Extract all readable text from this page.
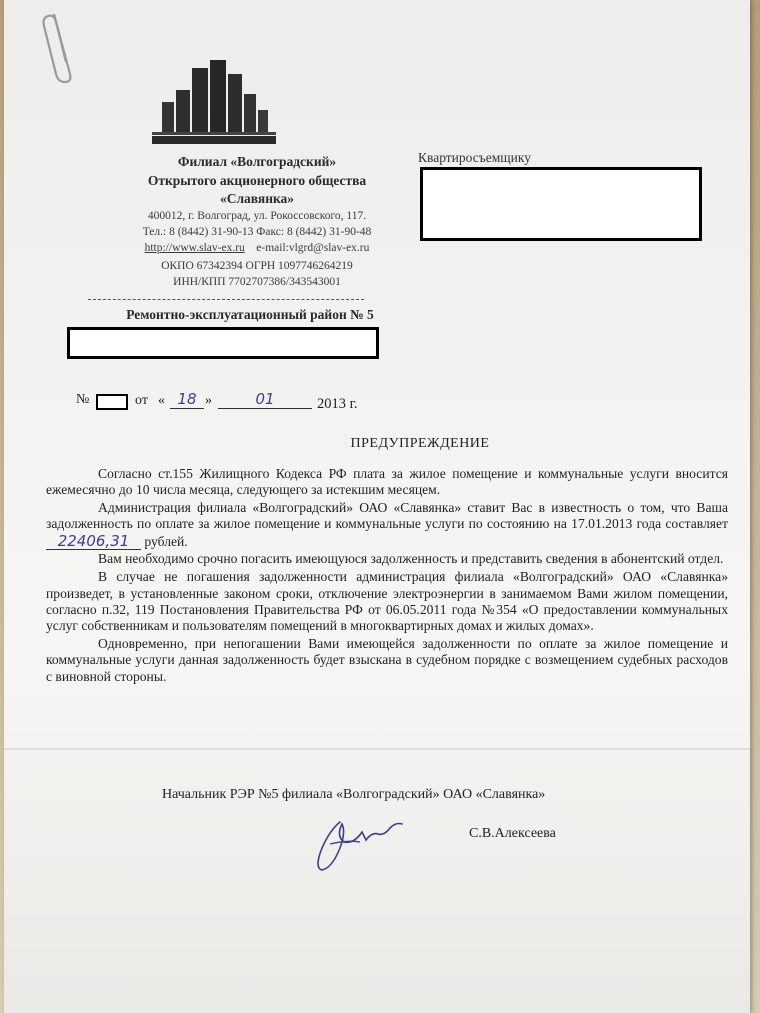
Филиал «Волгоградский»
Открытого акционерного общества
«Славянка»
400012, г. Волгоград, ул. Рокоссовского, 117.
Тел.: 8 (8442) 31-90-13 Факс: 8 (8442) 31-90-48
http://www.slav-ex.ru e-mail:vlgrd@slav-ex.ru
ОКПО 67342394 ОГРН 1097746264219
ИНН/КПП 7702707386/343543001
Ремонтно-эксплуатационный район № 5
Квартиросъемщику
№	от « 18 »	01	2013 г.
ПРЕДУПРЕЖДЕНИЕ

Согласно ст.155 Жилищного Кодекса РФ плата за жилое помещение и коммунальные услуги вносится ежемесячно до 10 числа месяца, следующего за истекшим месяцем.

Администрация филиала «Волгоградский» ОАО «Славянка» ставит Вас в известность о том, что Ваша задолженность по оплате за жилое помещение и коммунальные услуги по состоянию на 17.01.2013 года составляет 22406,31 рублей.

Вам необходимо срочно погасить имеющуюся задолженность и представить сведения в абонентский отдел.

В случае не погашения задолженности администрация филиала «Волгоградский» ОАО «Славянка» произведет, в установленные законом сроки, отключение электроэнергии в занимаемом Вами жилом помещении, согласно п.32, 119 Постановления Правительства РФ от 06.05.2011 года №354 «О предоставлении коммунальных услуг собственникам и пользователям помещений в многоквартирных домах и жилых домах».

Одновременно, при непогашении Вами имеющейся задолженности по оплате за жилое помещение и коммунальные услуги данная задолженность будет взыскана в судебном порядке с возмещением судебных расходов с виновной стороны.

Начальник РЭР №5 филиала «Волгоградский» ОАО «Славянка»
С.В.Алексеева
